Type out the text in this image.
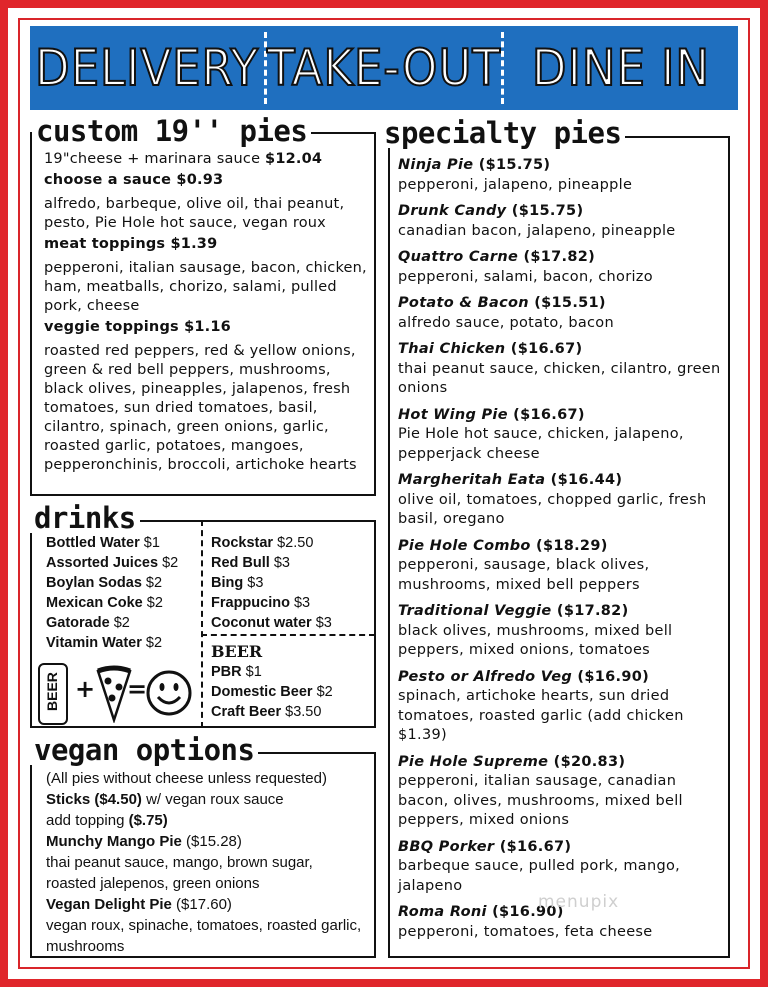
DELIVERY TAKE-OUT DINE IN
custom 19'' pies
19"cheese + marinara sauce $12.04
choose a sauce $0.93
alfredo, barbeque, olive oil, thai peanut, pesto, Pie Hole hot sauce, vegan roux
meat toppings $1.39
pepperoni, italian sausage, bacon, chicken, ham, meatballs, chorizo, salami, pulled pork, cheese
veggie toppings $1.16
roasted red peppers, red & yellow onions, green & red bell peppers, mushrooms, black olives, pineapples, jalapenos, fresh tomatoes, sun dried tomatoes, basil, cilantro, spinach, green onions, garlic, roasted garlic, potatoes, mangoes, pepperonchinis, broccoli, artichoke hearts
specialty pies
Ninja Pie ($15.75)
pepperoni, jalapeno, pineapple
Drunk Candy ($15.75)
canadian bacon, jalapeno, pineapple
Quattro Carne ($17.82)
pepperoni, salami, bacon, chorizo
Potato & Bacon ($15.51)
alfredo sauce, potato, bacon
Thai Chicken ($16.67)
thai peanut sauce, chicken, cilantro, green onions
Hot Wing Pie ($16.67)
Pie Hole hot sauce, chicken, jalapeno, pepperjack cheese
Margheritah Eata ($16.44)
olive oil, tomatoes, chopped garlic, fresh basil, oregano
Pie Hole Combo ($18.29)
pepperoni, sausage, black olives, mushrooms, mixed bell peppers
Traditional Veggie ($17.82)
black olives, mushrooms, mixed bell peppers, mixed onions, tomatoes
Pesto or Alfredo Veg ($16.90)
spinach, artichoke hearts, sun dried tomatoes, roasted garlic (add chicken $1.39)
Pie Hole Supreme ($20.83)
pepperoni, italian sausage, canadian bacon, olives, mushrooms, mixed bell peppers, mixed onions
BBQ Porker ($16.67)
barbeque sauce, pulled pork, mango, jalapeno
Roma Roni ($16.90)
pepperoni, tomatoes, feta cheese
drinks
Bottled Water $1
Assorted Juices $2
Boylan Sodas $2
Mexican Coke $2
Gatorade $2
Vitamin Water $2
Rockstar $2.50
Red Bull $3
Bing $3
Frappucino $3
Coconut water $3
BEER
PBR $1
Domestic Beer $2
Craft Beer $3.50
BEER + =
vegan options
(All pies without cheese unless requested)
Sticks ($4.50) w/ vegan roux sauce
add topping ($.75)
Munchy Mango Pie ($15.28)
thai peanut sauce, mango, brown sugar, roasted jalepenos, green onions
Vegan Delight Pie ($17.60)
vegan roux, spinache, tomatoes, roasted garlic, mushrooms
menupix
